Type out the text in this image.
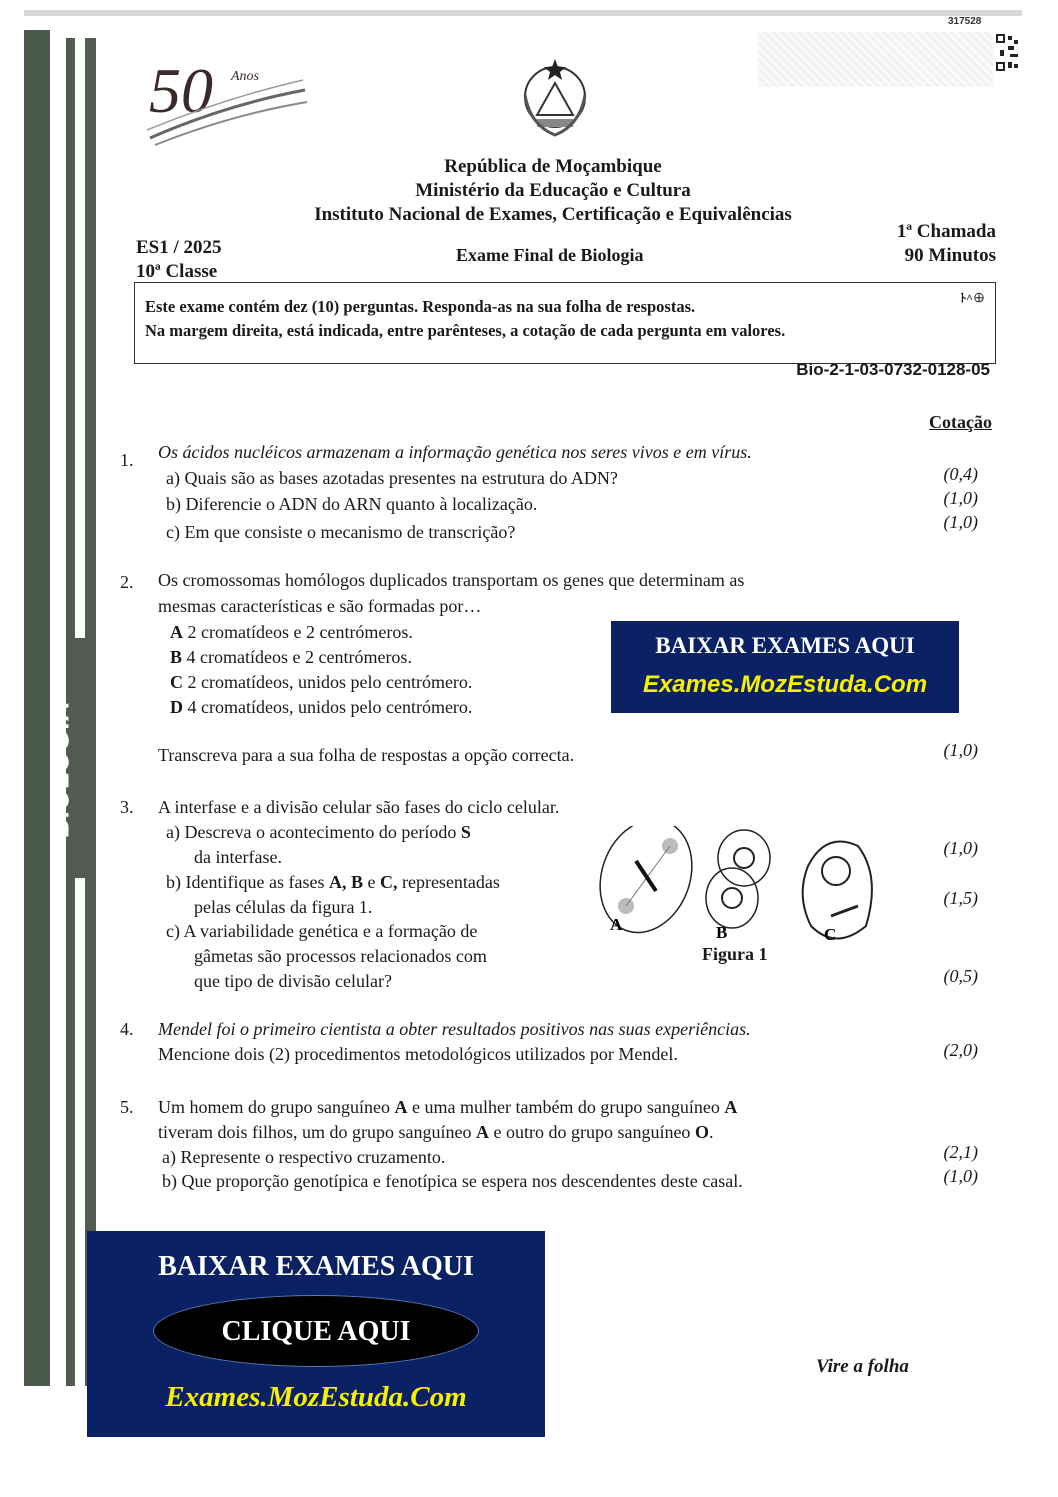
BIOLOGIA
50 Anos
317528
República de Moçambique
Ministério da Educação e Cultura
Instituto Nacional de Exames, Certificação e Equivalências
ES1 / 2025
10ª Classe
Exame Final de Biologia
1ª Chamada
90 Minutos
ﾄ^⊕
Este exame contém dez (10) perguntas. Responda-as na sua folha de respostas.
Na margem direita, está indicada, entre parênteses, a cotação de cada pergunta em valores.
Bio-2-1-03-0732-0128-05
Cotação
1. Os ácidos nucléicos armazenam a informação genética nos seres vivos e em vírus.
a) Quais são as bases azotadas presentes na estrutura do ADN?	(0,4)
b) Diferencie o ADN do ARN quanto à localização.	(1,0)
c) Em que consiste o mecanismo de transcrição?	(1,0)
2. Os cromossomas homólogos duplicados transportam os genes que determinam as
mesmas características e são formadas por…
A 2 cromatídeos e 2 centrómeros.
B 4 cromatídeos e 2 centrómeros.
C 2 cromatídeos, unidos pelo centrómero.
D 4 cromatídeos, unidos pelo centrómero.
Transcreva para a sua folha de respostas a opção correcta.	(1,0)
BAIXAR EXAMES AQUI
Exames.MozEstuda.Com
3. A interfase e a divisão celular são fases do ciclo celular.
a) Descreva o acontecimento do período S
da interfase.	(1,0)
b) Identifique as fases A, B e C, representadas
pelas células da figura 1.	(1,5)
c) A variabilidade genética e a formação de
gâmetas são processos relacionados com
que tipo de divisão celular?	(0,5)
A	B	C
Figura 1
4. Mendel foi o primeiro cientista a obter resultados positivos nas suas experiências.
Mencione dois (2) procedimentos metodológicos utilizados por Mendel.	(2,0)
5. Um homem do grupo sanguíneo A e uma mulher também do grupo sanguíneo A
tiveram dois filhos, um do grupo sanguíneo A e outro do grupo sanguíneo O.
a) Represente o respectivo cruzamento.	(2,1)
b) Que proporção genotípica e fenotípica se espera nos descendentes deste casal.	(1,0)
BAIXAR EXAMES AQUI
CLIQUE AQUI
Exames.MozEstuda.Com
Vire a folha
